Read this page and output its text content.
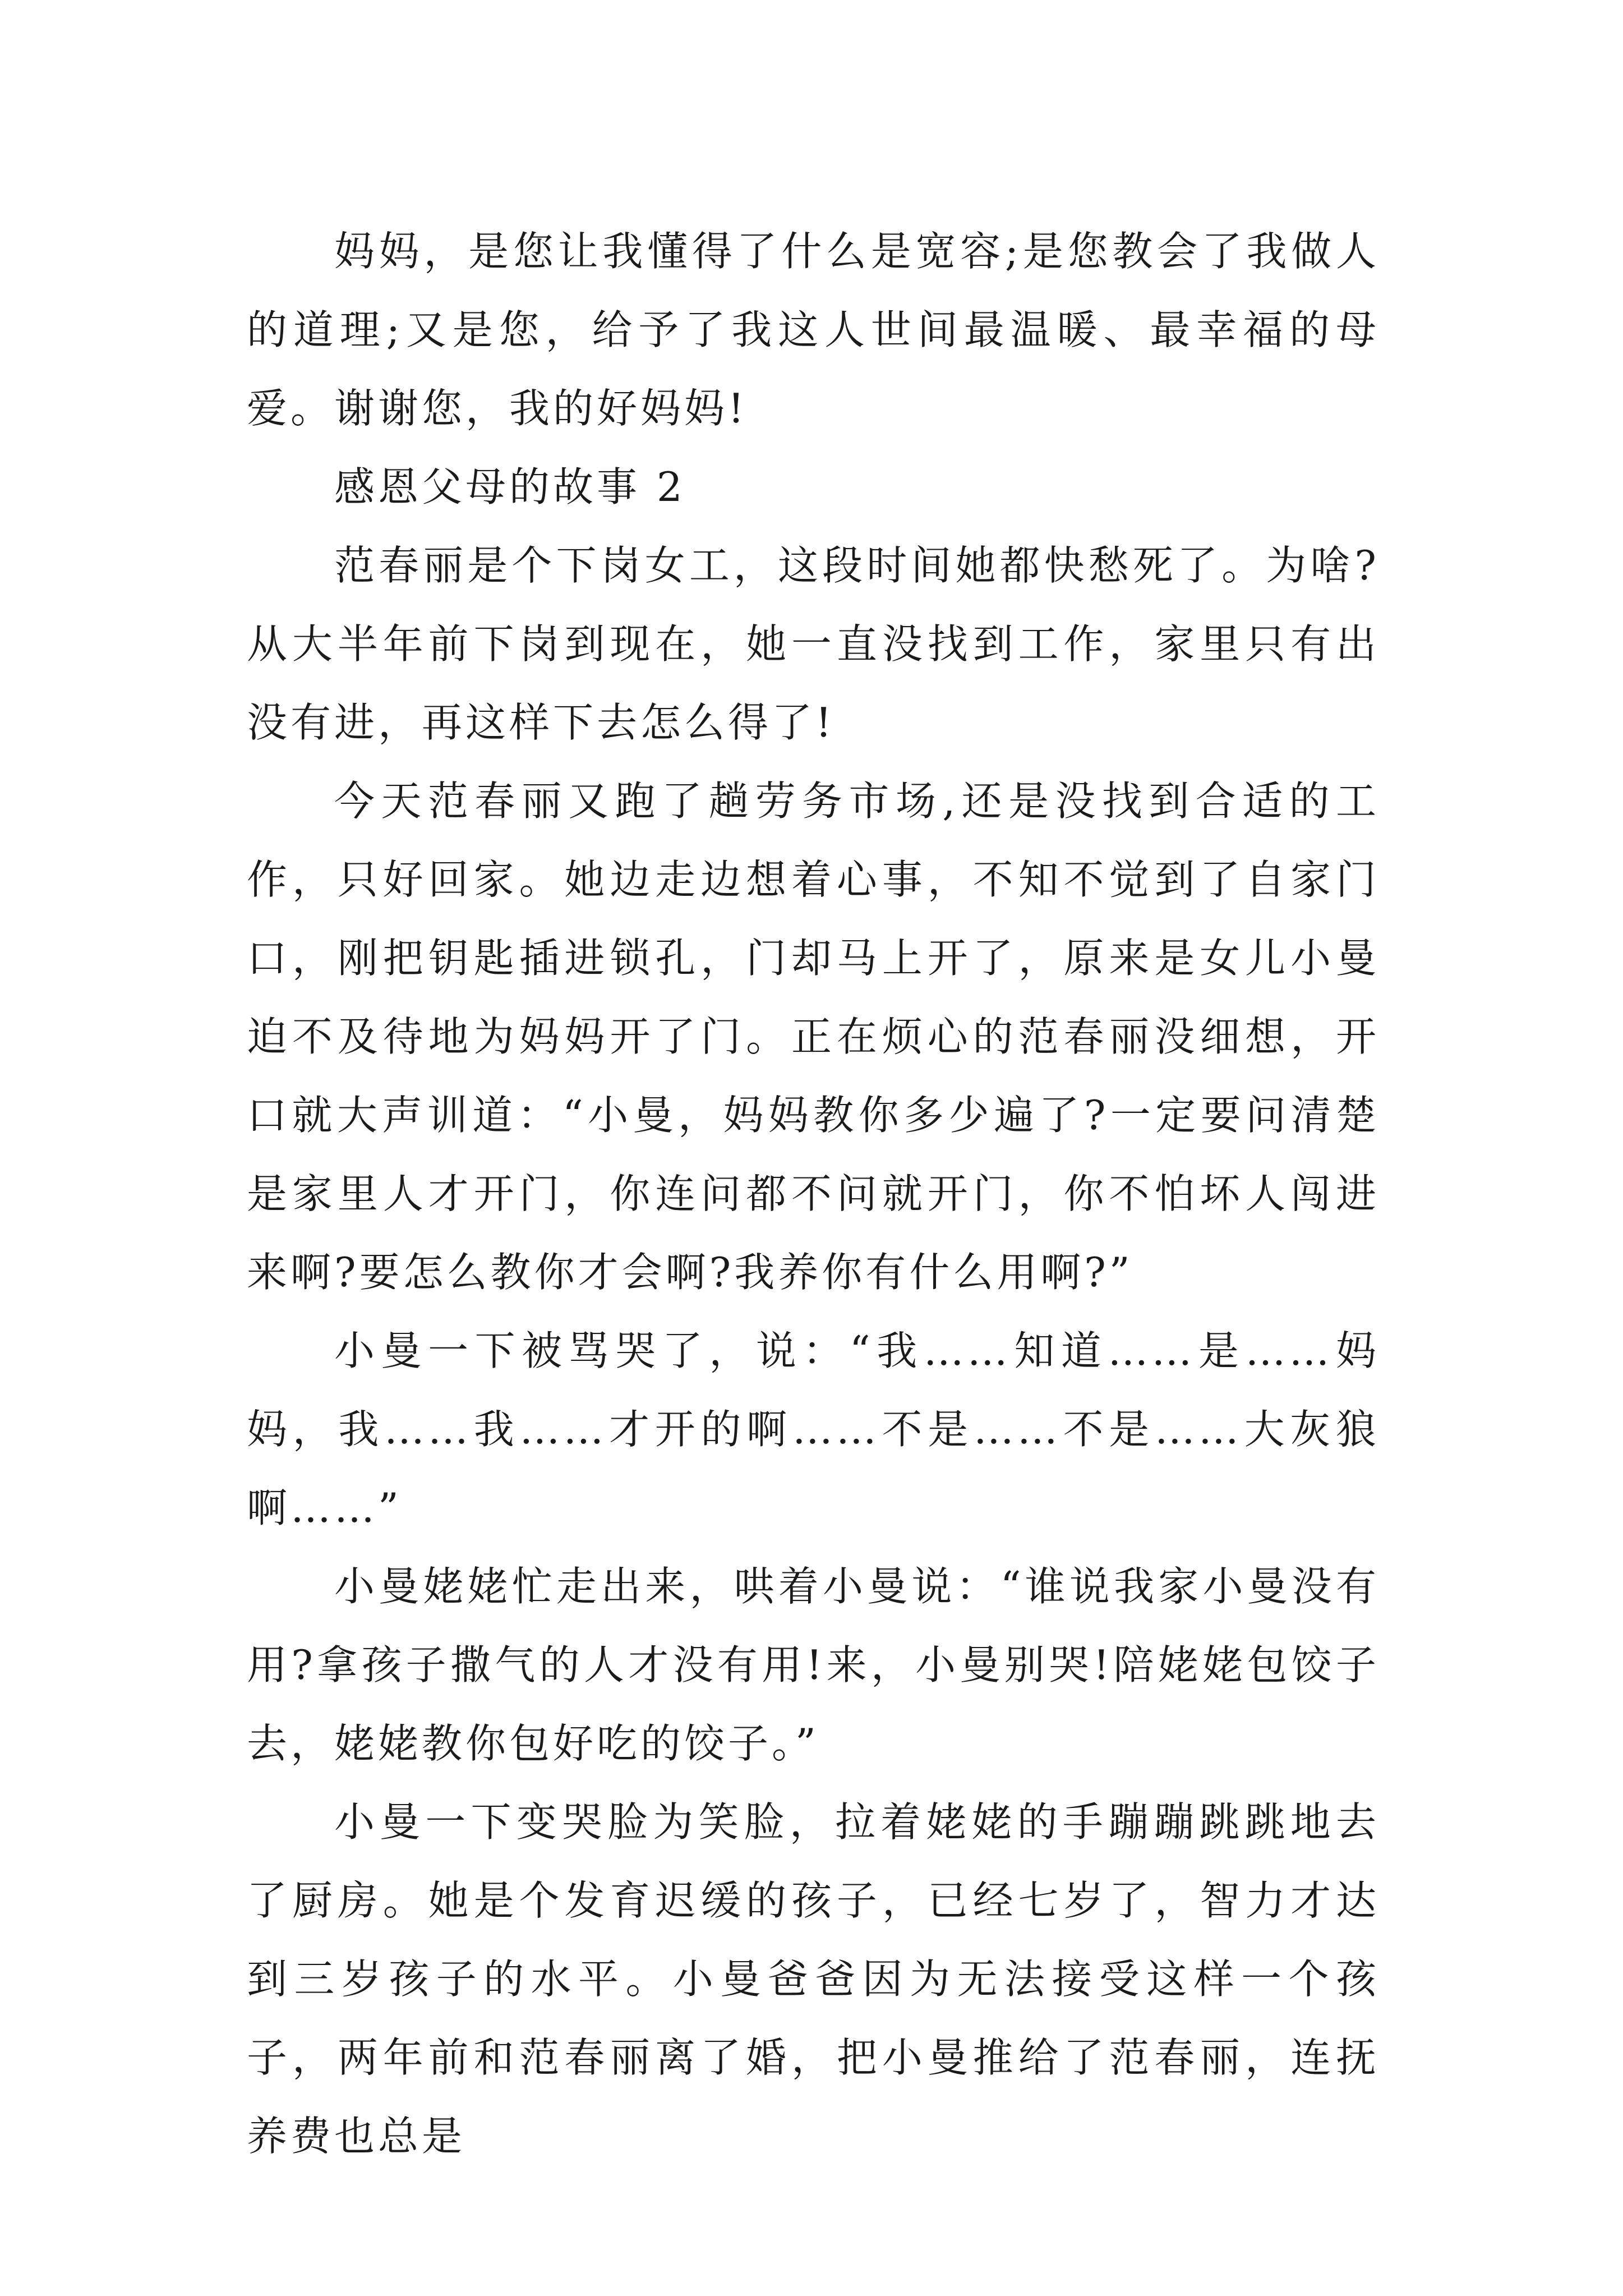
妈妈，是您让我懂得了什么是宽容;是您教会了我做人的道理;又是您，给予了我这人世间最温暖、最幸福的母爱。谢谢您，我的好妈妈!

感恩父母的故事 2

范春丽是个下岗女工，这段时间她都快愁死了。为啥?从大半年前下岗到现在，她一直没找到工作，家里只有出没有进，再这样下去怎么得了!

今天范春丽又跑了趟劳务市场,还是没找到合适的工作，只好回家。她边走边想着心事，不知不觉到了自家门口，刚把钥匙插进锁孔，门却马上开了，原来是女儿小曼迫不及待地为妈妈开了门。正在烦心的范春丽没细想，开口就大声训道：“小曼，妈妈教你多少遍了?一定要问清楚是家里人才开门，你连问都不问就开门，你不怕坏人闯进来啊?要怎么教你才会啊?我养你有什么用啊?”

小曼一下被骂哭了，说：“我……知道……是……妈妈，我……我……才开的啊……不是……不是……大灰狼啊……”

小曼姥姥忙走出来，哄着小曼说：“谁说我家小曼没有用?拿孩子撒气的人才没有用!来，小曼别哭!陪姥姥包饺子去，姥姥教你包好吃的饺子。”

小曼一下变哭脸为笑脸，拉着姥姥的手蹦蹦跳跳地去了厨房。她是个发育迟缓的孩子，已经七岁了，智力才达到三岁孩子的水平。小曼爸爸因为无法接受这样一个孩子，两年前和范春丽离了婚，把小曼推给了范春丽，连抚养费也总是
